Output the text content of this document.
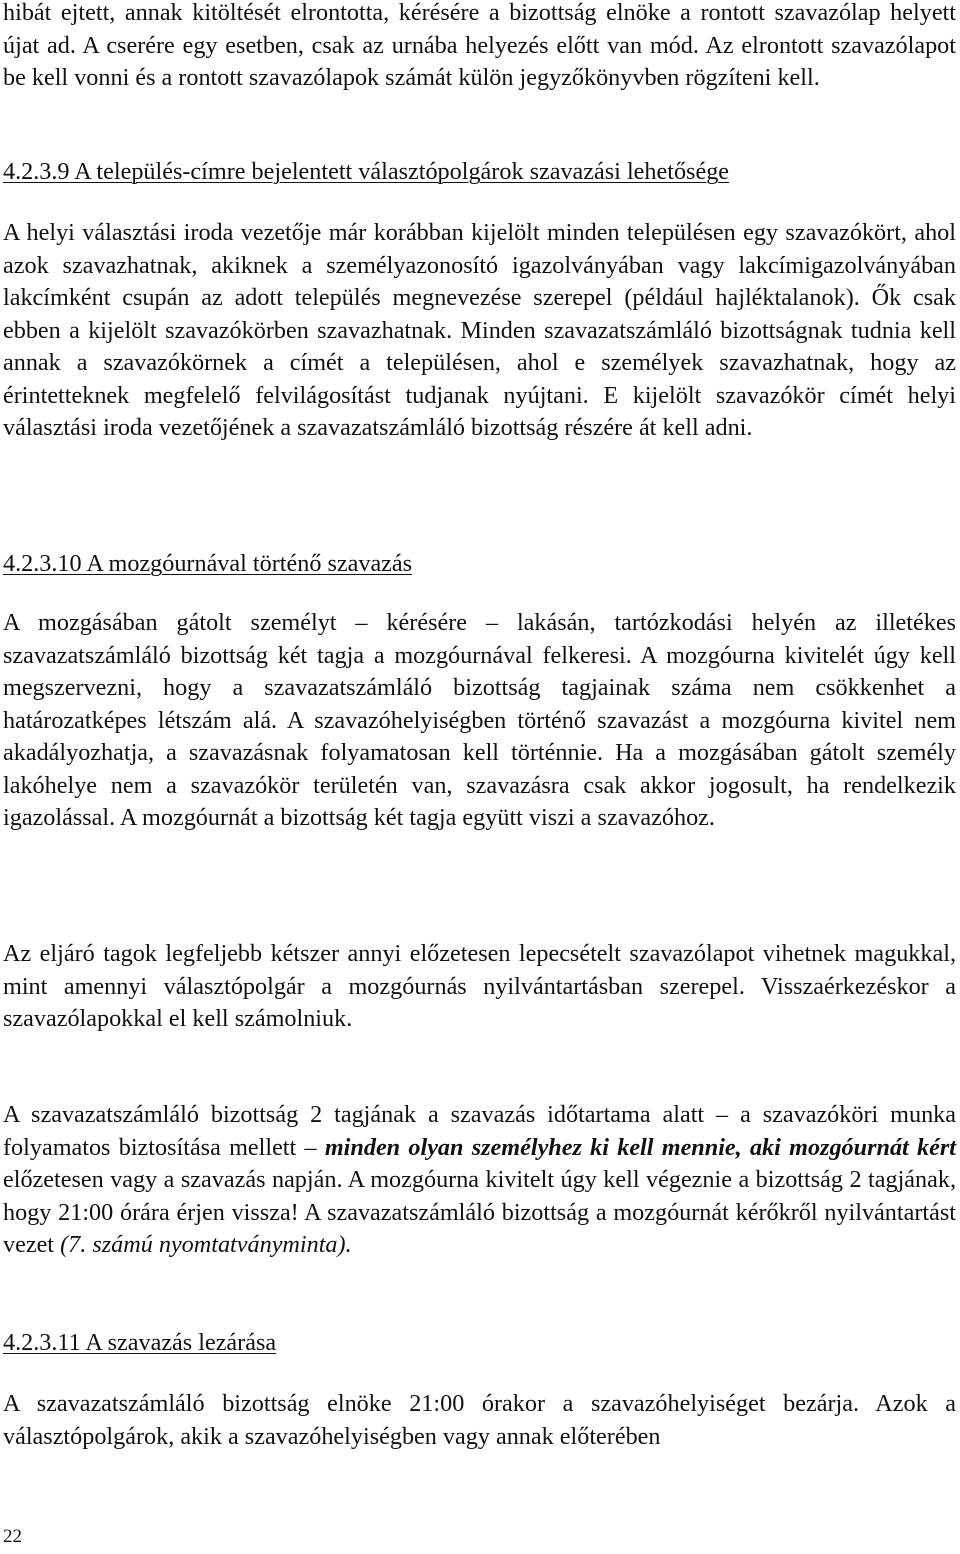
hibát ejtett, annak kitöltését elrontotta, kérésére a bizottság elnöke a rontott szavazólap helyett újat ad. A cserére egy esetben, csak az urnába helyezés előtt van mód. Az elrontott szavazólapot be kell vonni és a rontott szavazólapok számát külön jegyzőkönyvben rögzíteni kell.

4.2.3.9 A település-címre bejelentett választópolgárok szavazási lehetősége

A helyi választási iroda vezetője már korábban kijelölt minden településen egy szavazókört, ahol azok szavazhatnak, akiknek a személyazonosító igazolványában vagy lakcímigazolványában lakcímként csupán az adott település megnevezése szerepel (például hajléktalanok). Ők csak ebben a kijelölt szavazókörben szavazhatnak. Minden szavazatszámláló bizottságnak tudnia kell annak a szavazókörnek a címét a településen, ahol e személyek szavazhatnak, hogy az érintetteknek megfelelő felvilágosítást tudjanak nyújtani. E kijelölt szavazókör címét helyi választási iroda vezetőjének a szavazatszámláló bizottság részére át kell adni.

4.2.3.10 A mozgóurnával történő szavazás

A mozgásában gátolt személyt – kérésére – lakásán, tartózkodási helyén az illetékes szavazatszámláló bizottság két tagja a mozgóurnával felkeresi. A mozgóurna kivitelét úgy kell megszervezni, hogy a szavazatszámláló bizottság tagjainak száma nem csökkenhet a határozatképes létszám alá. A szavazóhelyiségben történő szavazást a mozgóurna kivitel nem akadályozhatja, a szavazásnak folyamatosan kell történnie. Ha a mozgásában gátolt személy lakóhelye nem a szavazókör területén van, szavazásra csak akkor jogosult, ha rendelkezik igazolással. A mozgóurnát a bizottság két tagja együtt viszi a szavazóhoz.

Az eljáró tagok legfeljebb kétszer annyi előzetesen lepecsételt szavazólapot vihetnek magukkal, mint amennyi választópolgár a mozgóurnás nyilvántartásban szerepel. Visszaérkezéskor a szavazólapokkal el kell számolniuk.

A szavazatszámláló bizottság 2 tagjának a szavazás időtartama alatt – a szavazóköri munka folyamatos biztosítása mellett – minden olyan személyhez ki kell mennie, aki mozgóurnát kért előzetesen vagy a szavazás napján. A mozgóurna kivitelt úgy kell végeznie a bizottság 2 tagjának, hogy 21:00 órára érjen vissza! A szavazatszámláló bizottság a mozgóurnát kérőkről nyilvántartást vezet (7. számú nyomtatványminta).

4.2.3.11 A szavazás lezárása

A szavazatszámláló bizottság elnöke 21:00 órakor a szavazóhelyiséget bezárja. Azok a választópolgárok, akik a szavazóhelyiségben vagy annak előterében

22
